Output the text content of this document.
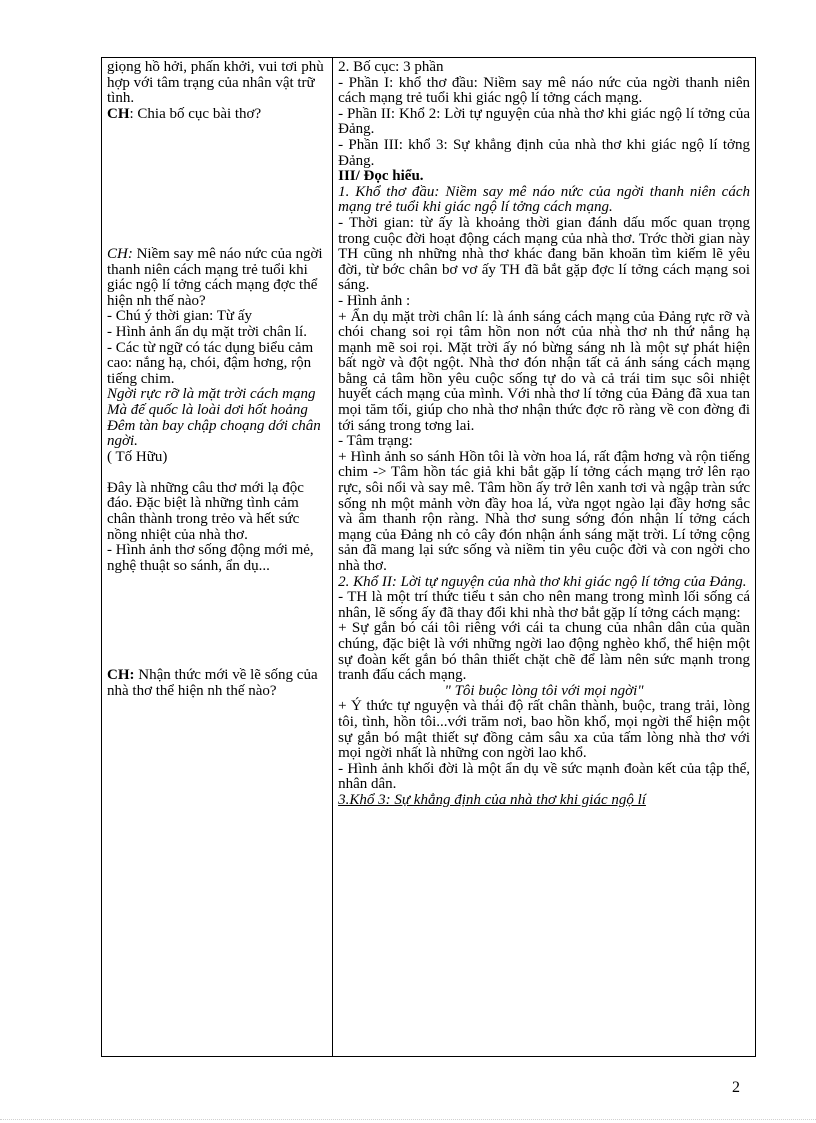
giọng hồ hởi, phấn khởi, vui tơi phù hợp với tâm trạng của nhân vật trữ tình.

CH: Chia bố cục bài thơ?

CH: Niềm say mê náo nức của ngời thanh niên cách mạng trẻ tuổi khi giác ngộ lí tởng cách mạng đợc thể hiện nh thế nào?

- Chú ý thời gian: Từ ấy

- Hình ảnh ẩn dụ mặt trời chân lí.

- Các từ ngữ có tác dụng biểu cảm cao: nắng hạ, chói, đậm hơng, rộn tiếng chim.

Ngời rực rỡ là mặt trời cách mạng

Mà đế quốc là loài dơi hốt hoảng

Đêm tàn bay chập choạng dới chân ngời.

( Tố Hữu)

Đây là những câu thơ mới lạ độc đáo. Đặc biệt là những tình cảm chân thành trong trẻo và hết sức nồng nhiệt của nhà thơ.

- Hình ảnh thơ sống động mới mẻ, nghệ thuật so sánh, ẩn dụ...

CH: Nhận thức mới về lẽ sống của nhà thơ thể hiện nh thế nào?

2. Bố cục: 3 phần

- Phần I: khổ thơ đầu: Niềm say mê náo nức của ngời thanh niên cách mạng trẻ tuổi khi giác ngộ lí tởng cách mạng.

- Phần II: Khổ 2: Lời tự nguyện của nhà thơ khi giác ngộ lí tởng của Đảng.

- Phần III: khổ 3: Sự khẳng định của nhà thơ khi giác ngộ lí tởng Đảng.

III/ Đọc hiểu.

1. Khổ thơ đầu: Niềm say mê náo nức của ngời thanh niên cách mạng trẻ tuổi khi giác ngộ lí tởng cách mạng.

- Thời gian: từ ấy là khoảng thời gian đánh dấu mốc quan trọng trong cuộc đời hoạt động cách mạng của nhà thơ. Trớc thời gian này TH cũng nh những nhà thơ khác đang băn khoăn tìm kiếm lẽ yêu đời, từ bớc chân bơ vơ ấy TH đã bắt gặp đợc lí tởng cách mạng soi sáng.

- Hình ảnh :

+ Ẩn dụ mặt trời chân lí: là ánh sáng cách mạng của Đảng rực rỡ và chói chang soi rọi tâm hồn non nớt của nhà thơ nh thứ nắng hạ mạnh mẽ soi rọi. Mặt trời ấy nó bừng sáng nh là một sự phát hiện bất ngờ và đột ngột. Nhà thơ đón nhận tất cả ánh sáng cách mạng bằng cả tâm hồn yêu cuộc sống tự do và cả trái tim sục sôi nhiệt huyết cách mạng của mình. Với nhà thơ lí tởng của Đảng đã xua tan mọi tăm tối, giúp cho nhà thơ nhận thức đợc rõ ràng về con đờng đi tới sáng trong tơng lai.

- Tâm trạng:

+ Hình ảnh so sánh Hồn tôi là vờn hoa lá, rất đậm hơng và rộn tiếng chim -> Tâm hồn tác giả khi bắt gặp lí tởng cách mạng trở lên rạo rực, sôi nổi và say mê. Tâm hồn ấy trở lên xanh tơi và ngập tràn sức sống nh một mảnh vờn đầy hoa lá, vừa ngọt ngào lại đầy hơng sắc và âm thanh rộn ràng. Nhà thơ sung sớng đón nhận lí tởng cách mạng của Đảng nh cỏ cây đón nhận ánh sáng mặt trời. Lí tởng cộng sản đã mang lại sức sống và niềm tin yêu cuộc đời và con ngời cho nhà thơ.

2. Khổ II: Lời tự nguyện của nhà thơ khi giác ngộ lí tởng của Đảng.

- TH là một trí thức tiểu t sản cho nên mang trong mình lối sống cá nhân, lẽ sống ấy đã thay đổi khi nhà thơ bắt gặp lí tởng cách mạng:

+ Sự gắn bó cái tôi riêng với cái ta chung của nhân dân của quần chúng, đặc biệt là với những ngời lao động nghèo khổ, thể hiện một sự đoàn kết gắn bó thân thiết chặt chẽ để làm nên sức mạnh trong tranh đấu cách mạng.

" Tôi buộc lòng tôi với mọi ngời"

+ Ý thức tự nguyện và thái độ rất chân thành, buộc, trang trải, lòng tôi, tình, hồn tôi...với trăm nơi, bao hồn khổ, mọi ngời thể hiện một sự gắn bó mật thiết sự đồng cảm sâu xa của tấm lòng nhà thơ với mọi ngời nhất là những con ngời lao khổ.

- Hình ảnh khối đời là một ẩn dụ về sức mạnh đoàn kết của tập thể, nhân dân.

3.Khổ 3: Sự khẳng định của nhà thơ khi giác ngộ lí

2
